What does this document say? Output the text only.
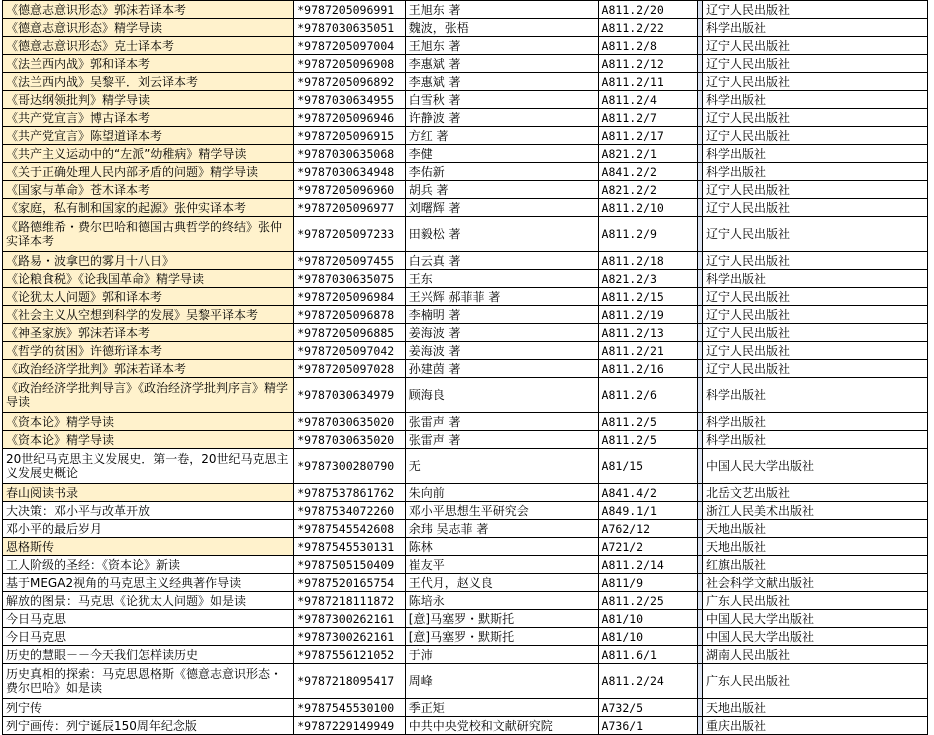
《德意志意识形态》郭沫若译本考	*9787205096991	王旭东 著	A811.2/20		辽宁人民出版社
《德意志意识形态》精学导读	*9787030635051	魏波，张梧	A811.2/22		科学出版社
《德意志意识形态》克士译本考	*9787205097004	王旭东 著	A811.2/8		辽宁人民出版社
《法兰西内战》郭和译本考	*9787205096908	李惠斌 著	A811.2/12		辽宁人民出版社
《法兰西内战》吴黎平．刘云译本考	*9787205096892	李惠斌 著	A811.2/11		辽宁人民出版社
《哥达纲领批判》精学导读	*9787030634955	白雪秋 著	A811.2/4		科学出版社
《共产党宣言》博古译本考	*9787205096946	许静波 著	A811.2/7		辽宁人民出版社
《共产党宣言》陈望道译本考	*9787205096915	方红 著	A811.2/17		辽宁人民出版社
《共产主义运动中的“左派”幼稚病》精学导读	*9787030635068	李健	A821.2/1		科学出版社
《关于正确处理人民内部矛盾的问题》精学导读	*9787030634948	李佑新	A841.2/2		科学出版社
《国家与革命》苍木译本考	*9787205096960	胡兵 著	A821.2/2		辽宁人民出版社
《家庭，私有制和国家的起源》张仲实译本考	*9787205096977	刘曙辉 著	A811.2/10		辽宁人民出版社
《路德维希・费尔巴哈和德国古典哲学的终结》张仲实译本考	*9787205097233	田毅松 著	A811.2/9		辽宁人民出版社
《路易・波拿巴的雾月十八日》	*9787205097455	白云真 著	A811.2/18		辽宁人民出版社
《论粮食税》《论我国革命》精学导读	*9787030635075	王东	A821.2/3		科学出版社
《论犹太人问题》郭和译本考	*9787205096984	王兴辉 郝菲菲 著	A811.2/15		辽宁人民出版社
《社会主义从空想到科学的发展》吴黎平译本考	*9787205096878	李楠明 著	A811.2/19		辽宁人民出版社
《神圣家族》郭沫若译本考	*9787205096885	姜海波 著	A811.2/13		辽宁人民出版社
《哲学的贫困》许德珩译本考	*9787205097042	姜海波 著	A811.2/21		辽宁人民出版社
《政治经济学批判》郭沫若译本考	*9787205097028	孙建茵 著	A811.2/16		辽宁人民出版社
《政治经济学批判导言》《政治经济学批判序言》精学导读	*9787030634979	顾海良	A811.2/6		科学出版社
《资本论》精学导读	*9787030635020	张雷声 著	A811.2/5		科学出版社
《资本论》精学导读	*9787030635020	张雷声 著	A811.2/5		科学出版社
20世纪马克思主义发展史．第一卷，20世纪马克思主义发展史概论	*9787300280790	无	A81/15		中国人民大学出版社
春山阅读书录	*9787537861762	朱向前	A841.4/2		北岳文艺出版社
大决策：邓小平与改革开放	*9787534072260	邓小平思想生平研究会	A849.1/1		浙江人民美术出版社
邓小平的最后岁月	*9787545542608	余玮 吴志菲 著	A762/12		天地出版社
恩格斯传	*9787545530131	陈林	A721/2		天地出版社
工人阶级的圣经：《资本论》新读	*9787505150409	崔友平	A811.2/14		红旗出版社
基于MEGA2视角的马克思主义经典著作导读	*9787520165754	王代月，赵义良	A811/9		社会科学文献出版社
解放的图景：马克思《论犹太人问题》如是读	*9787218111872	陈培永	A811.2/25		广东人民出版社
今日马克思	*9787300262161	[意]马塞罗・默斯托	A81/10		中国人民大学出版社
今日马克思	*9787300262161	[意]马塞罗・默斯托	A81/10		中国人民大学出版社
历史的慧眼－－今天我们怎样读历史	*9787556121052	于沛	A811.6/1		湖南人民出版社
历史真相的探索：马克思恩格斯《德意志意识形态・费尔巴哈》如是读	*9787218095417	周峰	A811.2/24		广东人民出版社
列宁传	*9787545530100	季正矩	A732/5		天地出版社
列宁画传：列宁诞辰150周年纪念版	*9787229149949	中共中央党校和文献研究院	A736/1		重庆出版社
